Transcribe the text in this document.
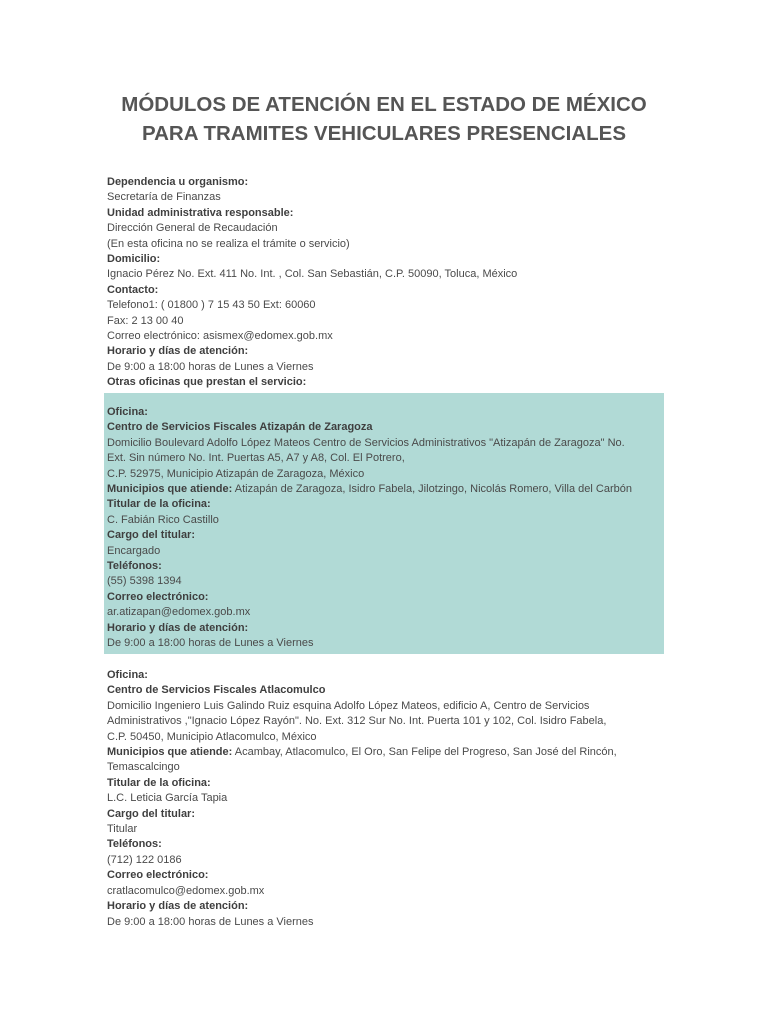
MÓDULOS DE ATENCIÓN EN EL ESTADO DE MÉXICO
PARA TRAMITES VEHICULARES PRESENCIALES
Dependencia u organismo:
Secretaría de Finanzas
Unidad administrativa responsable:
Dirección General de Recaudación
(En esta oficina no se realiza el trámite o servicio)
Domicilio:
Ignacio Pérez No. Ext. 411 No. Int. , Col. San Sebastián, C.P. 50090, Toluca, México
Contacto:
Telefono1: ( 01800 ) 7 15 43 50 Ext: 60060
Fax: 2 13 00 40
Correo electrónico: asismex@edomex.gob.mx
Horario y días de atención:
De 9:00 a 18:00 horas de Lunes a Viernes
Otras oficinas que prestan el servicio:
Oficina:
Centro de Servicios Fiscales Atizapán de Zaragoza
Domicilio Boulevard Adolfo López Mateos Centro de Servicios Administrativos "Atizapán de Zaragoza" No.
Ext. Sin número No. Int. Puertas A5, A7 y A8, Col. El Potrero,
C.P. 52975, Municipio Atizapán de Zaragoza, México
Municipios que atiende: Atizapán de Zaragoza, Isidro Fabela, Jilotzingo, Nicolás Romero, Villa del Carbón
Titular de la oficina:
C. Fabián Rico Castillo
Cargo del titular:
Encargado
Teléfonos:
(55) 5398 1394
Correo electrónico:
ar.atizapan@edomex.gob.mx
Horario y días de atención:
De 9:00 a 18:00 horas de Lunes a Viernes
Oficina:
Centro de Servicios Fiscales Atlacomulco
Domicilio Ingeniero Luis Galindo Ruiz esquina Adolfo López Mateos, edificio A, Centro de Servicios
Administrativos ,"Ignacio López Rayón". No. Ext. 312 Sur No. Int. Puerta 101 y 102, Col. Isidro Fabela,
C.P. 50450, Municipio Atlacomulco, México
Municipios que atiende: Acambay, Atlacomulco, El Oro, San Felipe del Progreso, San José del Rincón,
Temascalcingo
Titular de la oficina:
L.C. Leticia García Tapia
Cargo del titular:
Titular
Teléfonos:
(712) 122 0186
Correo electrónico:
cratlacomulco@edomex.gob.mx
Horario y días de atención:
De 9:00 a 18:00 horas de Lunes a Viernes
